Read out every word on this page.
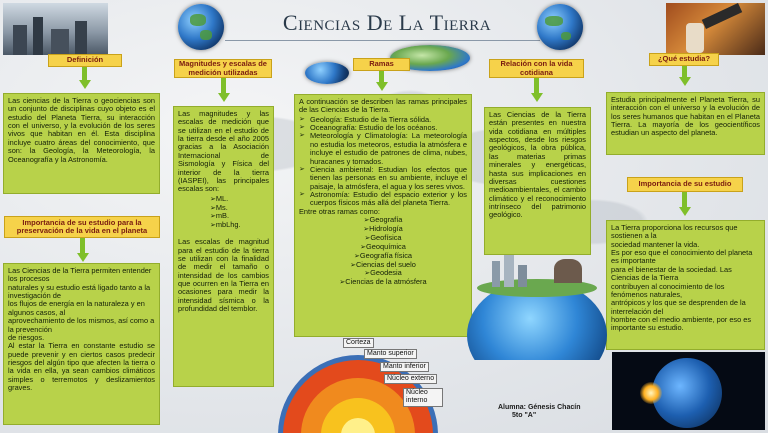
Ciencias De La Tierra
Definición	Magnitudes y escalas de medición utilizadas
Ramas	Relación con la vida cotidiana
¿Qué estudia?
Importancia de su estudio para la preservación de la vida en el planeta
Importancia de su estudio
Las ciencias de la Tierra o geociencias son un conjunto de disciplinas cuyo objeto es el estudio del Planeta Tierra, su interacción con el universo, y la evolución de los seres vivos que habitan en él. Esta disciplina incluye cuatro áreas del conocimiento, que son: la Geología, la Meteorología, la Oceanografía y la Astronomía.
Las Ciencias de la Tierra permiten entender los procesos
naturales y su estudio está ligado tanto a la investigación de
los flujos de energía en la naturaleza y en algunos casos, al
aprovechamiento de los mismos, así como a la prevención
de riesgos.
Al estar la Tierra en constante estudio se puede prevenir y en ciertos casos predecir riesgos del algún tipo que afecten la tierra o la vida en ella, ya sean cambios climáticos simples o terremotos y deslizamientos graves.
Las magnitudes y las escalas de medición que se utilizan en el estudio de la tierra desde el año 2005 gracias a la Asociación Internacional de Sismología y Física del interior de la tierra (IASPEI), las principales escalas son:
➢ ML.
➢ Ms.
➢ mB.
➢ mbLhg.
Las escalas de magnitud para el estudio de la tierra se utilizan con la finalidad de medir el tamaño o intensidad de los cambios que ocurren en la Tierra en ocasiones para medir la intensidad sísmica o la profundidad del temblor.
A continuación se describen las ramas principales de las Ciencias de la Tierra.
➢ Geología: Estudio de la Tierra sólida.
➢ Oceanografía: Estudio de los océanos.
➢ Meteorología y Climatología: La meteorología no estudia los meteoros, estudia la atmósfera e incluye el estudio de patrones de clima, nubes, huracanes y tornados.
➢ Ciencia ambiental: Estudian los efectos que tienen las personas en su ambiente, incluye el paisaje, la atmósfera, el agua y los seres vivos.
➢ Astronomía: Estudio del espacio exterior y los cuerpos físicos más allá del planeta Tierra.
Entre otras ramas como:
➢ Geografía
➢ Hidrología
➢ Geofísica
➢ Geoquímica
➢ Geografía física
➢ Ciencias del suelo
➢ Geodesia
➢ Ciencias de la atmósfera
Las Ciencias de la Tierra están presentes en nuestra vida cotidiana en múltiples aspectos, desde los riesgos geológicos, la obra pública, las materias primas minerales y energéticas, hasta sus implicaciones en diversas cuestiones medioambientales, el cambio climático y el reconocimiento intrínseco del patrimonio geológico.
Estudia principalmente el Planeta Tierra, su interacción con el universo y la evolución de los seres humanos que habitan en el Planeta Tierra. La mayoría de los geocientíficos estudian un aspecto del planeta.
La Tierra proporciona los recursos que sostienen a la
sociedad mantener la vida.
Es por eso que el conocimiento del planeta es importante
para el bienestar de la sociedad. Las Ciencias de la Tierra
contribuyen al conocimiento de los fenómenos naturales,
antrópicos y los que se desprenden de la interrelación del
hombre con el medio ambiente, por eso es importante su estudio.
Corteza
Manto superior
Manto inferior
Núcleo externo
Núcleo interno
Alumna: Génesis Chacín
5to "A"
